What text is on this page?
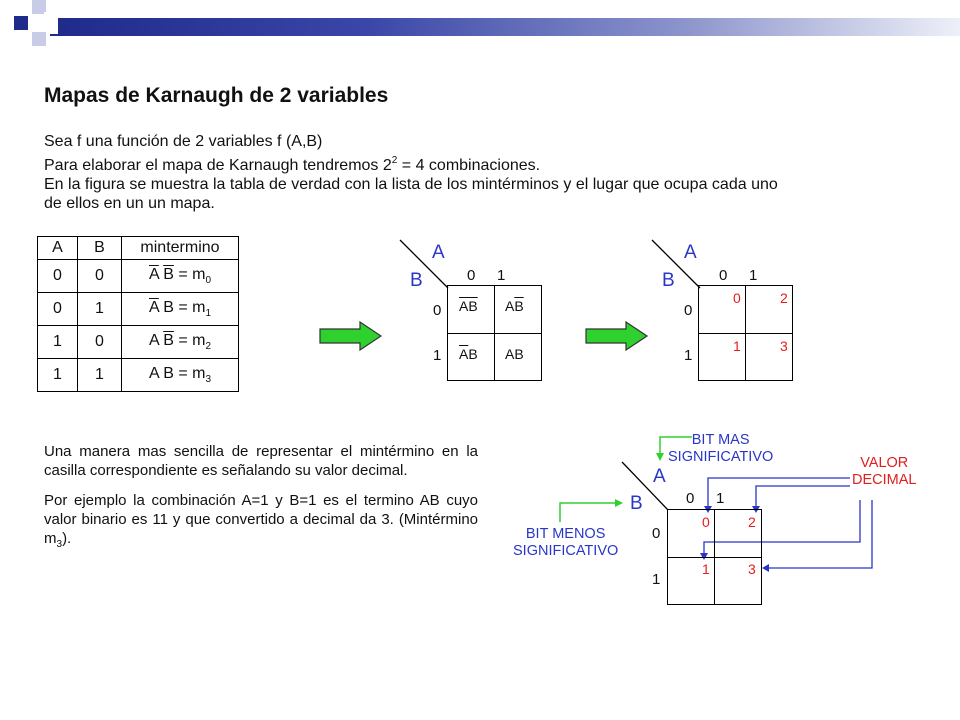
Mapas de Karnaugh de 2 variables
Sea f una función de 2 variables f (A,B)
Para elaborar el mapa de Karnaugh tendremos $2^2 = 4$ combinaciones.
En la figura se muestra la tabla de verdad con la lista de los mintérminos y el lugar que ocupa cada uno
de ellos en un un mapa.
A	B	mintermino
0	0	$\overline{A}$ $\overline{B} = m_0$
0	1	$\overline{A}$ $B = m_1$
1	0	A $\overline{B} = m_2$
1	1	A $B = m_3$
A
B	0 1
0
1
$\overline{AB}$ $A\overline{B}$
$\overline{A}B$ AB
A
B	0 1
0
1
0	2
1	3

Una manera mas sencilla de representar el mintérmino en la casilla correspondiente es señalando su valor decimal.

Por ejemplo la combinación A=1 y B=1 es el termino AB cuyo valor binario es 11 y que convertido a decimal da 3. (Mintérmino $m_3$).

BIT MAS
SIGNIFICATIVO
BIT MENOS
SIGNIFICATIVO
VALOR
DECIMAL
A
B	0 1
0
1
0	2
1	3
